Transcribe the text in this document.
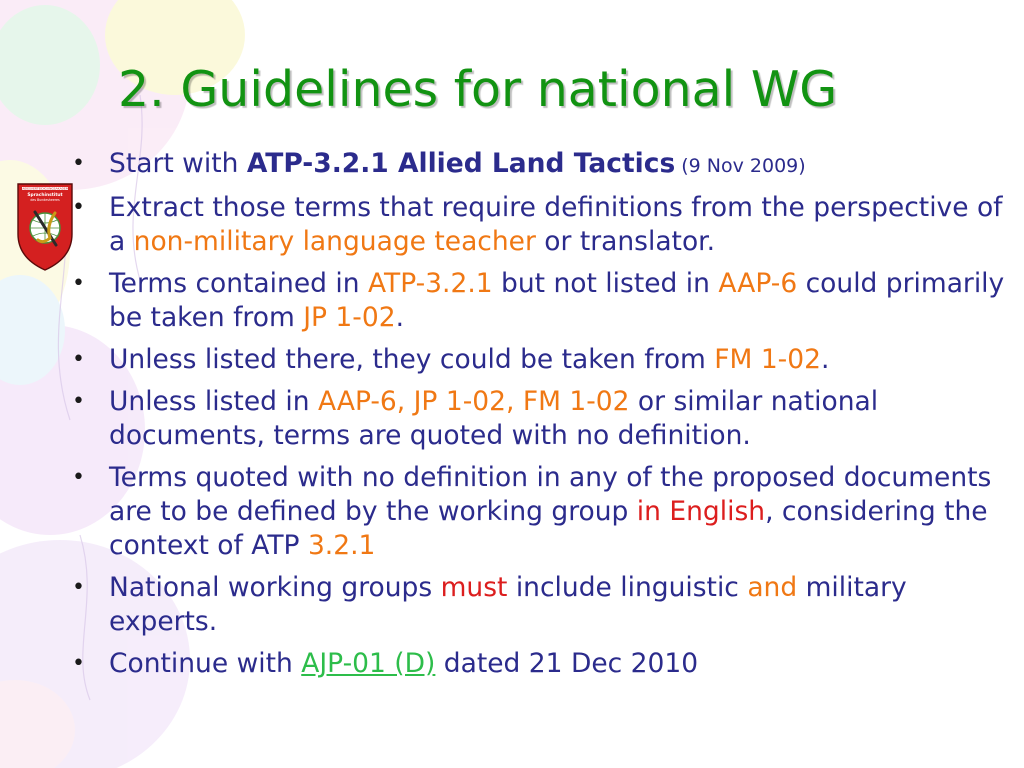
LANDESVERTEIDIGUNGSAKADEMIE
Sprachinstitut
des Bundesheeres
2. Guidelines for national WG
• Start with ATP-3.2.1 Allied Land Tactics (9 Nov 2009)
• Extract those terms that require definitions from the perspective of a non-military language teacher or translator.
• Terms contained in ATP-3.2.1 but not listed in AAP-6 could primarily be taken from JP 1-02.
• Unless listed there, they could be taken from FM 1-02.
• Unless listed in AAP-6, JP 1-02, FM 1-02 or similar national documents, terms are quoted with no definition.
• Terms quoted with no definition in any of the proposed documents are to be defined by the working group in English, considering the context of ATP 3.2.1
• National working groups must include linguistic and military experts.
• Continue with AJP-01 (D) dated 21 Dec 2010
